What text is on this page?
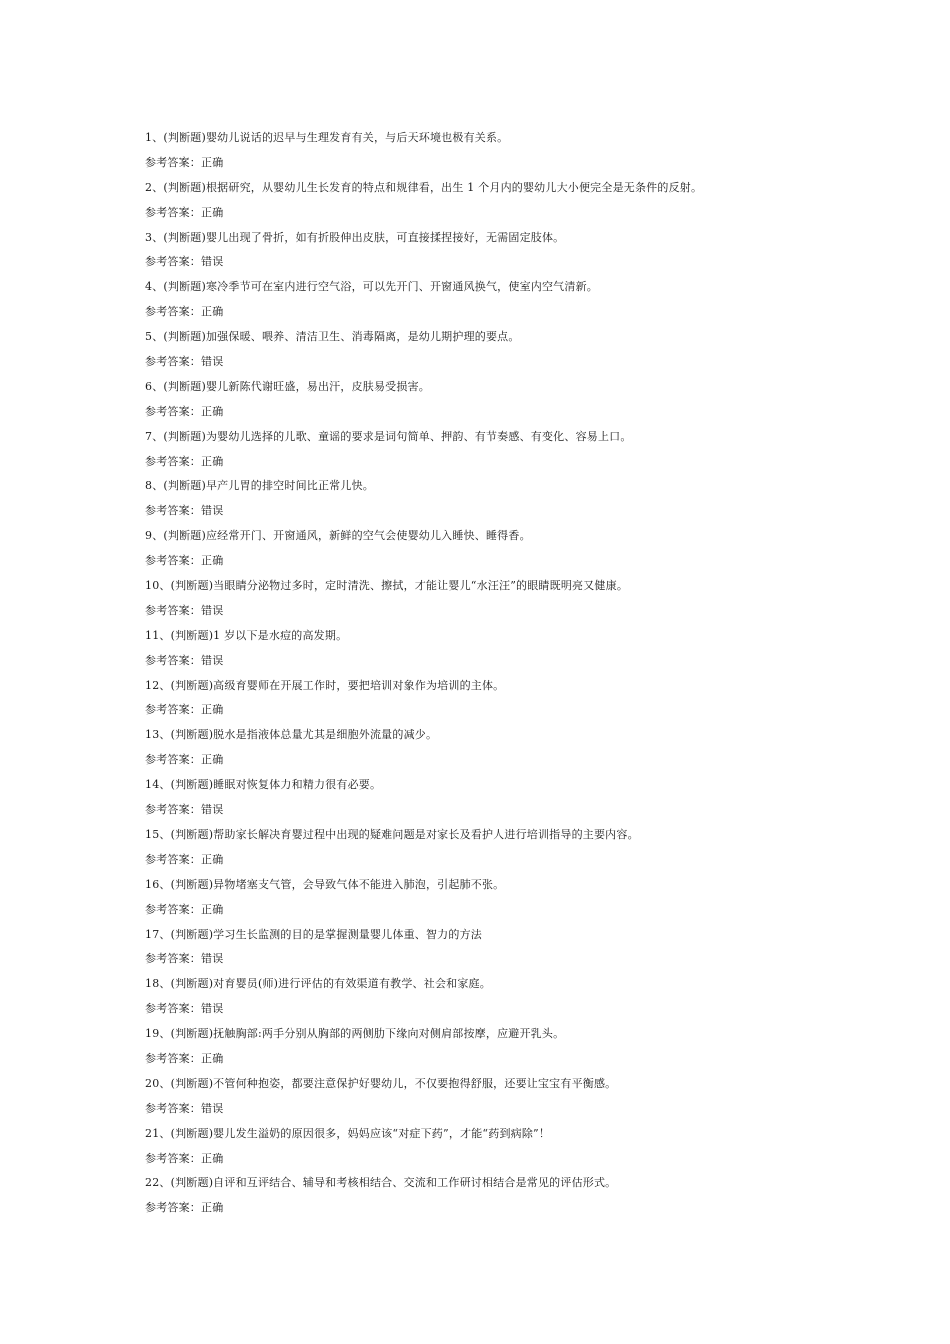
1、(判断题)婴幼儿说话的迟早与生理发育有关，与后天环境也极有关系。
参考答案：正确
2、(判断题)根据研究，从婴幼儿生长发育的特点和规律看，出生 1 个月内的婴幼儿大小便完全是无条件的反射。
参考答案：正确
3、(判断题)婴儿出现了骨折，如有折股伸出皮肤，可直接揉捏接好，无需固定肢体。
参考答案：错误
4、(判断题)寒冷季节可在室内进行空气浴，可以先开门、开窗通风换气，使室内空气清新。
参考答案：正确
5、(判断题)加强保暖、喂养、清洁卫生、消毒隔离，是幼儿期护理的要点。
参考答案：错误
6、(判断题)婴儿新陈代谢旺盛，易出汗，皮肤易受损害。
参考答案：正确
7、(判断题)为婴幼儿选择的儿歌、童谣的要求是词句简单、押韵、有节奏感、有变化、容易上口。
参考答案：正确
8、(判断题)早产儿胃的排空时间比正常儿快。
参考答案：错误
9、(判断题)应经常开门、开窗通风，新鲜的空气会使婴幼儿入睡快、睡得香。
参考答案：正确
10、(判断题)当眼睛分泌物过多时，定时清洗、擦拭，才能让婴儿“水汪汪”的眼睛既明亮又健康。
参考答案：错误
11、(判断题)1 岁以下是水痘的高发期。
参考答案：错误
12、(判断题)高级育婴师在开展工作时，要把培训对象作为培训的主体。
参考答案：正确
13、(判断题)脱水是指液体总量尤其是细胞外流量的减少。
参考答案：正确
14、(判断题)睡眠对恢复体力和精力很有必要。
参考答案：错误
15、(判断题)帮助家长解决育婴过程中出现的疑难问题是对家长及看护人进行培训指导的主要内容。
参考答案：正确
16、(判断题)异物堵塞支气管，会导致气体不能进入肺泡，引起肺不张。
参考答案：正确
17、(判断题)学习生长监测的目的是掌握测量婴儿体重、智力的方法
参考答案：错误
18、(判断题)对育婴员(师)进行评估的有效渠道有教学、社会和家庭。
参考答案：错误
19、(判断题)抚触胸部:两手分别从胸部的两侧肋下缘向对侧肩部按摩，应避开乳头。
参考答案：正确
20、(判断题)不管何种抱姿，都要注意保护好婴幼儿，不仅要抱得舒服，还要让宝宝有平衡感。
参考答案：错误
21、(判断题)婴儿发生溢奶的原因很多，妈妈应该“对症下药”，才能“药到病除”！
参考答案：正确
22、(判断题)自评和互评结合、辅导和考核相结合、交流和工作研讨相结合是常见的评估形式。
参考答案：正确
